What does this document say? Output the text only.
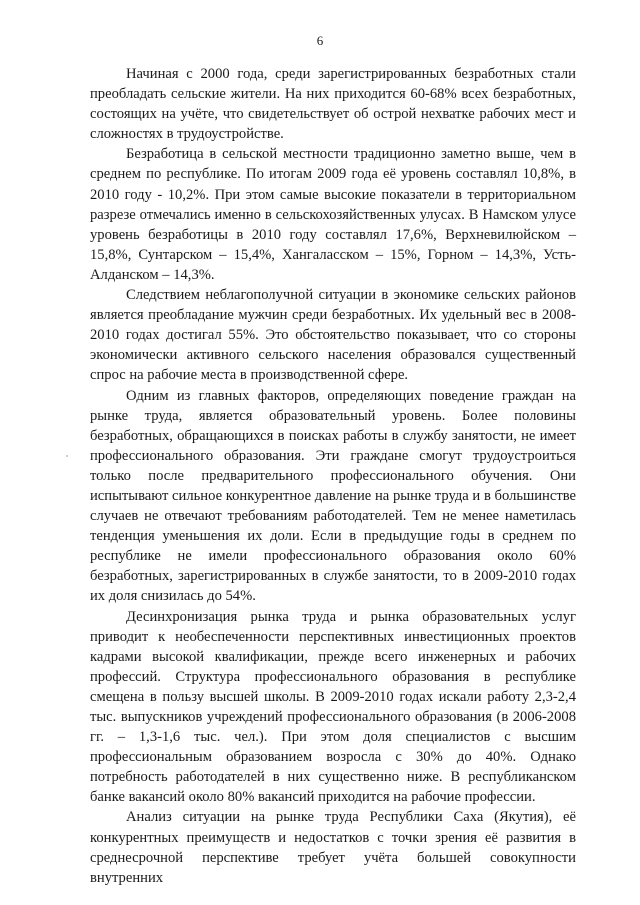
6

Начиная с 2000 года, среди зарегистрированных безработных стали преобладать сельские жители. На них приходится 60-68% всех безработных, состоящих на учёте, что свидетельствует об острой нехватке рабочих мест и сложностях в трудоустройстве.

Безработица в сельской местности традиционно заметно выше, чем в среднем по республике. По итогам 2009 года её уровень составлял 10,8%, в 2010 году - 10,2%. При этом самые высокие показатели в территориальном разрезе отмечались именно в сельскохозяйственных улусах. В Намском улусе уровень безработицы в 2010 году составлял 17,6%, Верхневилюйском – 15,8%, Сунтарском – 15,4%, Хангаласском – 15%, Горном – 14,3%, Усть-Алданском – 14,3%.

Следствием неблагополучной ситуации в экономике сельских районов является преобладание мужчин среди безработных. Их удельный вес в 2008-2010 годах достигал 55%. Это обстоятельство показывает, что со стороны экономически активного сельского населения образовался существенный спрос на рабочие места в производственной сфере.

Одним из главных факторов, определяющих поведение граждан на рынке труда, является образовательный уровень. Более половины безработных, обращающихся в поисках работы в службу занятости, не имеет профессионального образования. Эти граждане смогут трудоустроиться только после предварительного профессионального обучения. Они испытывают сильное конкурентное давление на рынке труда и в большинстве случаев не отвечают требованиям работодателей. Тем не менее наметилась тенденция уменьшения их доли. Если в предыдущие годы в среднем по республике не имели профессионального образования около 60% безработных, зарегистрированных в службе занятости, то в 2009-2010 годах их доля снизилась до 54%.

Десинхронизация рынка труда и рынка образовательных услуг приводит к необеспеченности перспективных инвестиционных проектов кадрами высокой квалификации, прежде всего инженерных и рабочих профессий. Структура профессионального образования в республике смещена в пользу высшей школы. В 2009-2010 годах искали работу 2,3-2,4 тыс. выпускников учреждений профессионального образования (в 2006-2008 гг. – 1,3-1,6 тыс. чел.). При этом доля специалистов с высшим профессиональным образованием возросла с 30% до 40%. Однако потребность работодателей в них существенно ниже. В республиканском банке вакансий около 80% вакансий приходится на рабочие профессии.

Анализ ситуации на рынке труда Республики Саха (Якутия), её конкурентных преимуществ и недостатков с точки зрения её развития в среднесрочной перспективе требует учёта большей совокупности внутренних
